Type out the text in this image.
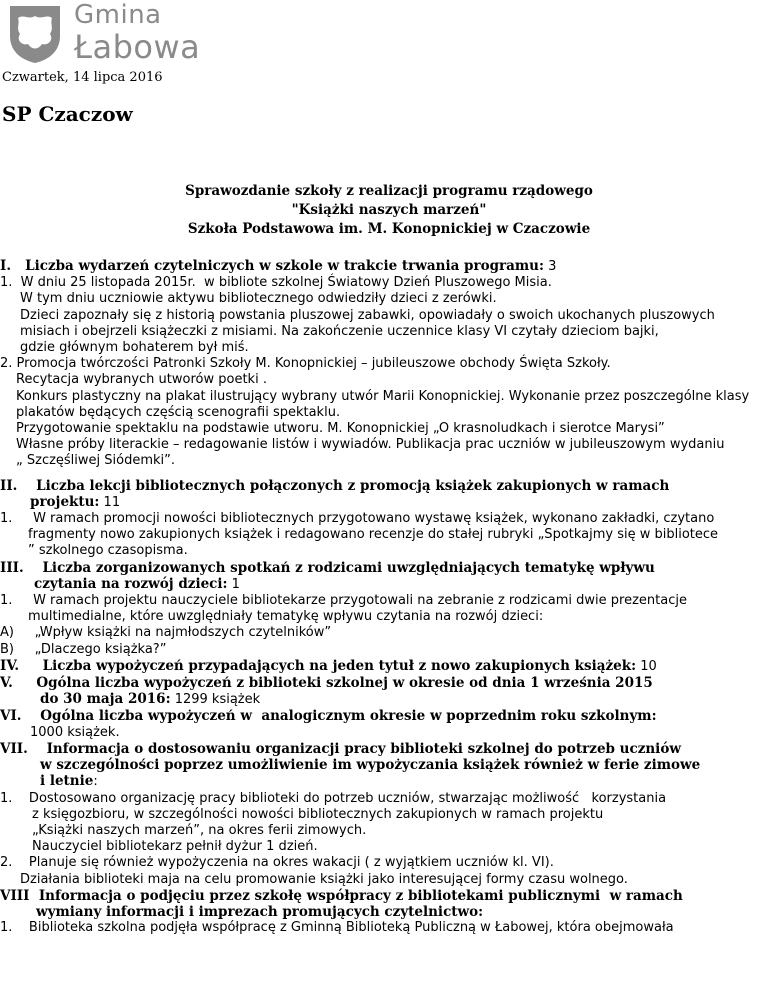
Gmina
Łabowa
Czwartek, 14 lipca 2016
SP Czaczow
Sprawozdanie szkoły z realizacji programu rządowego
"Książki naszych marzeń"
Szkoła Podstawowa im. M. Konopnickiej w Czaczowie
I.   Liczba wydarzeń czytelniczych w szkole w trakcie trwania programu: 3
1.  W dniu 25 listopada 2015r.  w bibliote szkolnej Światowy Dzień Pluszowego Misia.
W tym dniu uczniowie aktywu bibliotecznego odwiedziły dzieci z zerówki.
Dzieci zapoznały się z historią powstania pluszowej zabawki, opowiadały o swoich ukochanych pluszowych
misiach i obejrzeli książeczki z misiami. Na zakończenie uczennice klasy VI czytały dzieciom bajki,
gdzie głównym bohaterem był miś.
2. Promocja twórczości Patronki Szkoły M. Konopnickiej – jubileuszowe obchody Święta Szkoły.
Recytacja wybranych utworów poetki .
Konkurs plastyczny na plakat ilustrujący wybrany utwór Marii Konopnickiej. Wykonanie przez poszczególne klasy
plakatów będących częścią scenografii spektaklu.
Przygotowanie spektaklu na podstawie utworu. M. Konopnickiej „O krasnoludkach i sierotce Marysi”
Własne próby literackie – redagowanie listów i wywiadów. Publikacja prac uczniów w jubileuszowym wydaniu
„ Szczęśliwej Siódemki”.
II.    Liczba lekcji bibliotecznych połączonych z promocją książek zakupionych w ramach
projektu: 11
1.     W ramach promocji nowości bibliotecznych przygotowano wystawę książek, wykonano zakładki, czytano
fragmenty nowo zakupionych książek i redagowano recenzje do stałej rubryki „Spotkajmy się w bibliotece
” szkolnego czasopisma.
III.    Liczba zorganizowanych spotkań z rodzicami uwzględniających tematykę wpływu
czytania na rozwój dzieci: 1
1.     W ramach projektu nauczyciele bibliotekarze przygotowali na zebranie z rodzicami dwie prezentacje
multimedialne, które uwzględniały tematykę wpływu czytania na rozwój dzieci:
A)     „Wpływ książki na najmłodszych czytelników”
B)     „Dlaczego książka?”
IV.     Liczba wypożyczeń przypadających na jeden tytuł z nowo zakupionych książek: 10
V.     Ogólna liczba wypożyczeń z biblioteki szkolnej w okresie od dnia 1 września 2015
do 30 maja 2016: 1299 książek
VI.    Ogólna liczba wypożyczeń w  analogicznym okresie w poprzednim roku szkolnym:
1000 książek.
VII.    Informacja o dostosowaniu organizacji pracy biblioteki szkolnej do potrzeb uczniów
w szczególności poprzez umożliwienie im wypożyczania książek również w ferie zimowe
i letnie:
1.    Dostosowano organizację pracy biblioteki do potrzeb uczniów, stwarzając możliwość   korzystania
z księgozbioru, w szczególności nowości bibliotecznych zakupionych w ramach projektu
„Książki naszych marzeń”, na okres ferii zimowych.
Nauczyciel bibliotekarz pełnił dyżur 1 dzień.
2.    Planuje się również wypożyczenia na okres wakacji ( z wyjątkiem uczniów kl. VI).
Działania biblioteki maja na celu promowanie książki jako interesującej formy czasu wolnego.
VIII  Informacja o podjęciu przez szkołę współpracy z bibliotekami publicznymi  w ramach
wymiany informacji i imprezach promujących czytelnictwo:
1.    Biblioteka szkolna podjęła współpracę z Gminną Biblioteką Publiczną w Łabowej, która obejmowała
